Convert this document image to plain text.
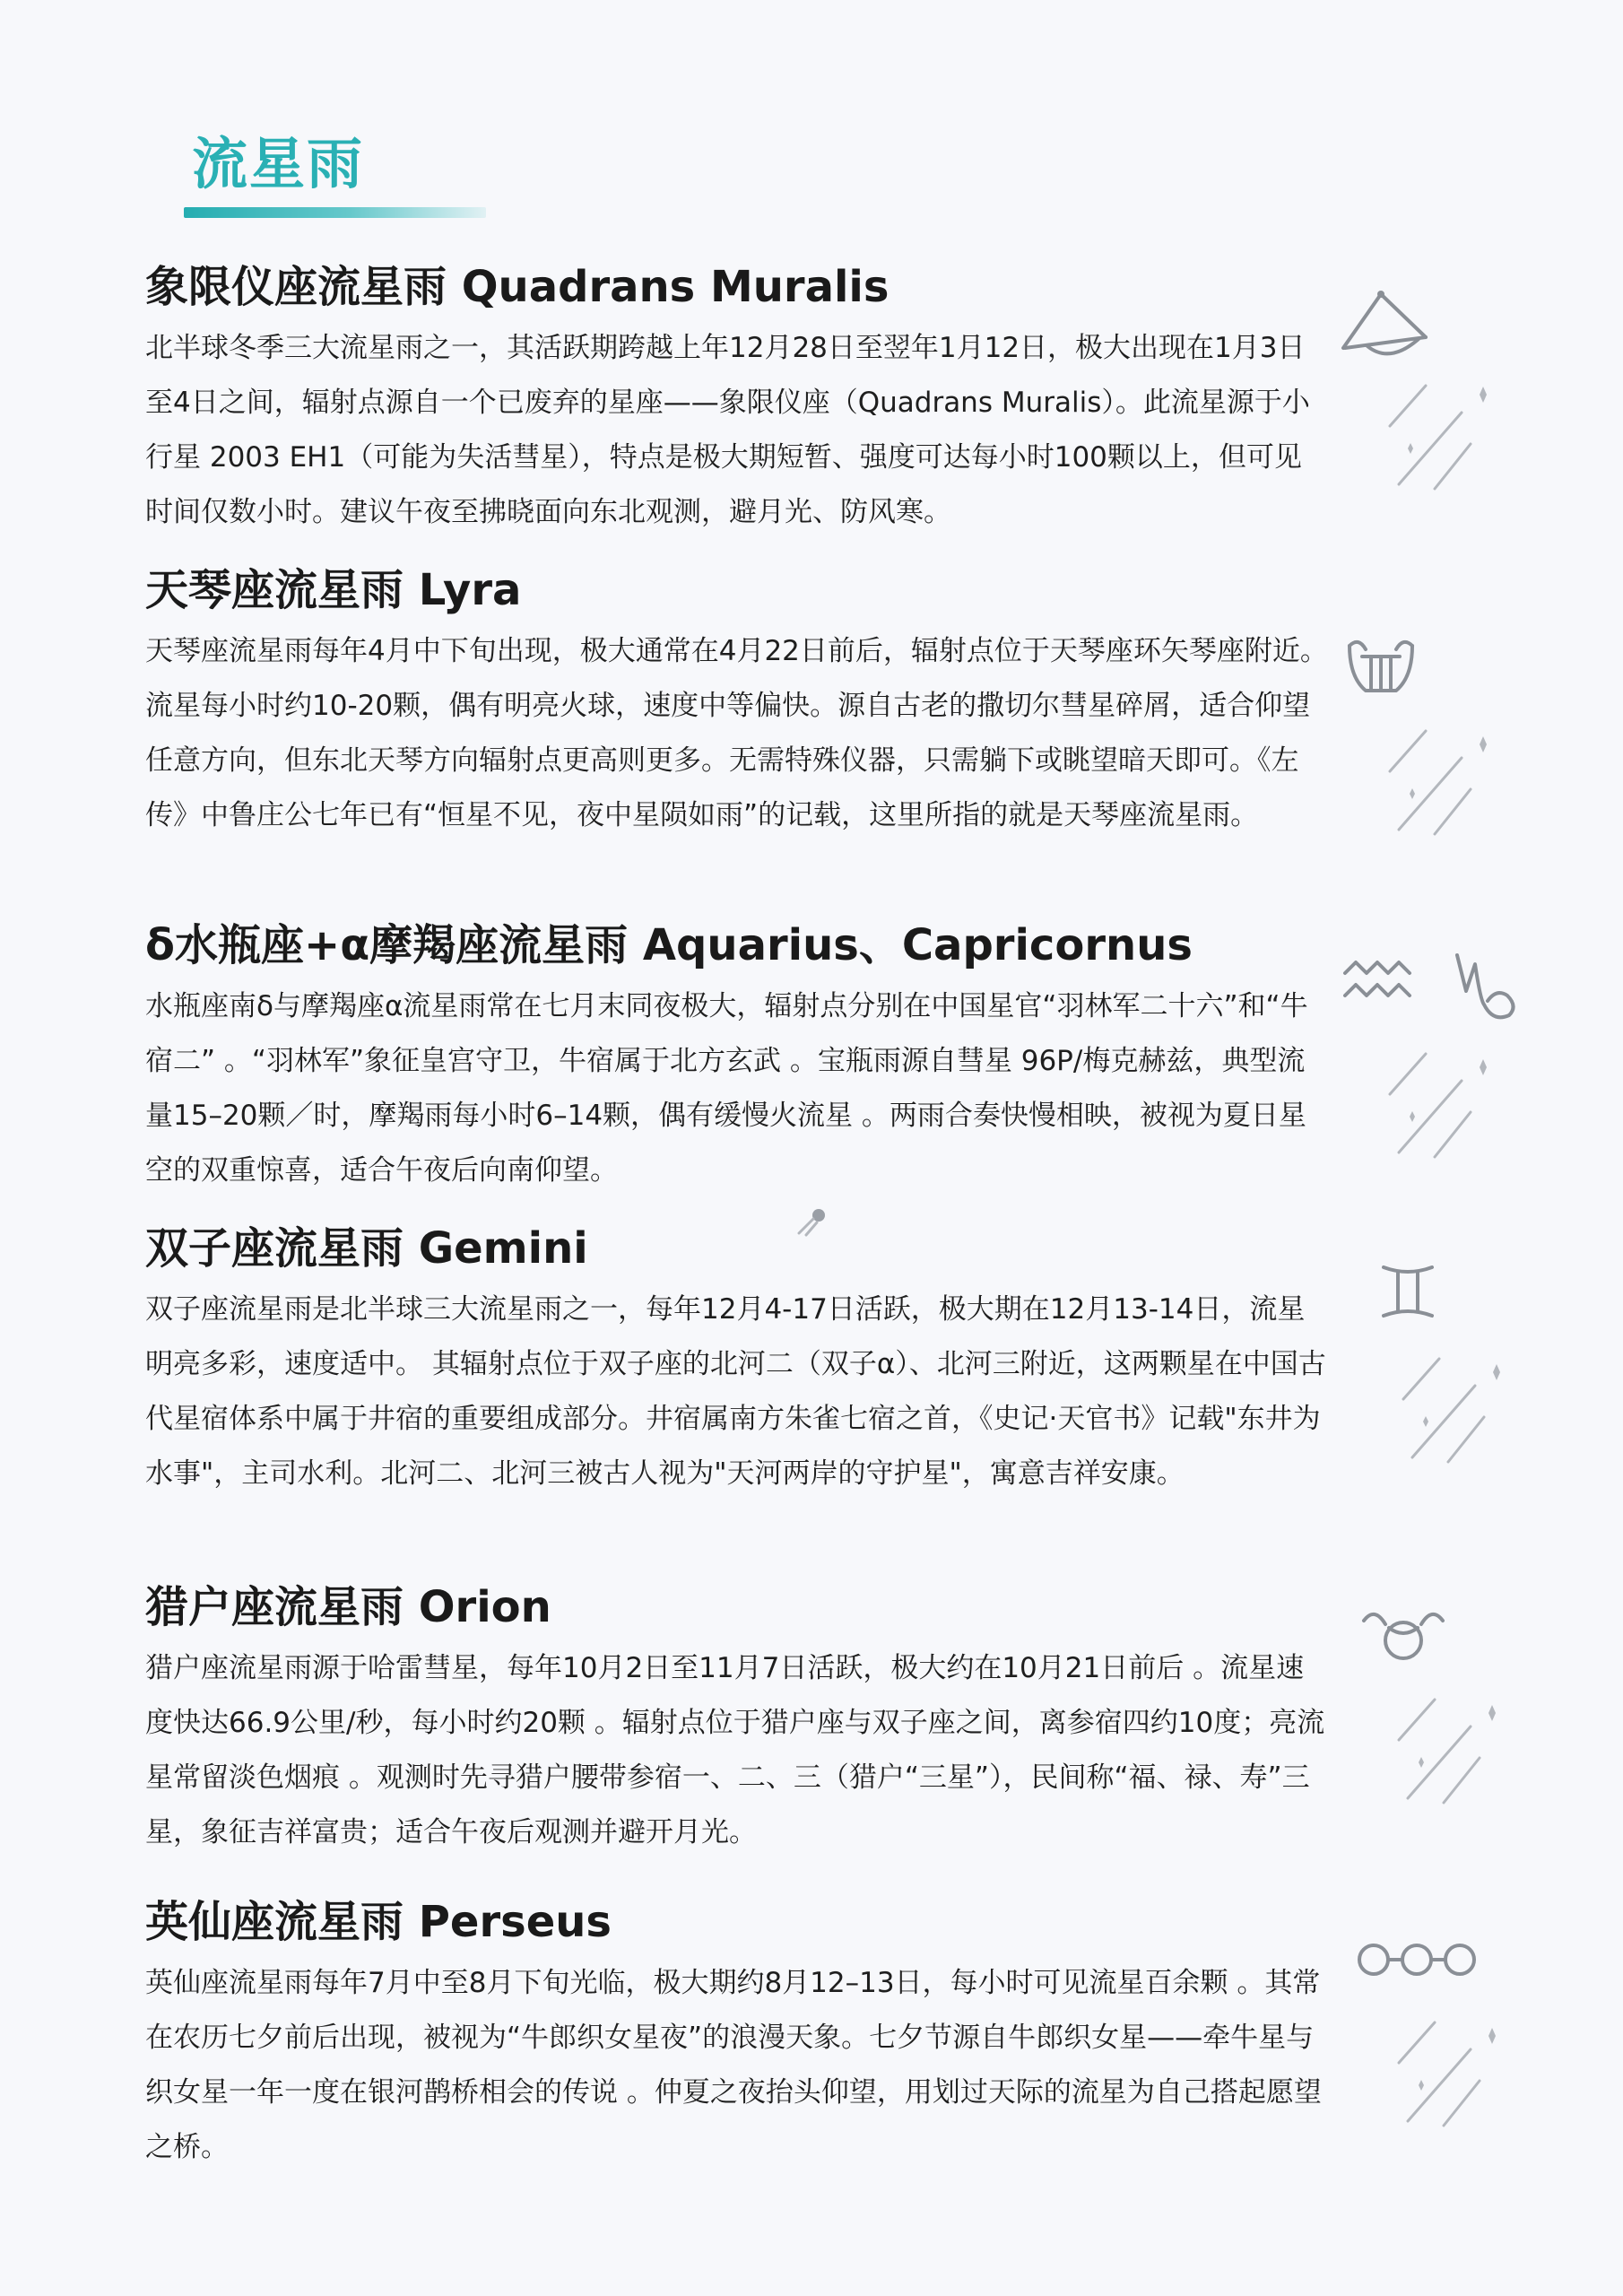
流星雨
象限仪座流星雨 Quadrans Muralis

北半球冬季三大流星雨之一，其活跃期跨越上年12月28日至翌年1月12日，极大出现在1月3日至4日之间，辐射点源自一个已废弃的星座——象限仪座（Quadrans Muralis）。此流星源于小行星 2003 EH1（可能为失活彗星），特点是极大期短暂、强度可达每小时100颗以上，但可见时间仅数小时。建议午夜至拂晓面向东北观测，避月光、防风寒。

天琴座流星雨 Lyra

天琴座流星雨每年4月中下旬出现，极大通常在4月22日前后，辐射点位于天琴座环矢琴座附近。流星每小时约10-20颗，偶有明亮火球，速度中等偏快。源自古老的撒切尔彗星碎屑，适合仰望任意方向，但东北天琴方向辐射点更高则更多。无需特殊仪器，只需躺下或眺望暗天即可。《左传》中鲁庄公七年已有“恒星不见，夜中星陨如雨”的记载，这里所指的就是天琴座流星雨。

δ水瓶座+α摩羯座流星雨 Aquarius、Capricornus

水瓶座南δ与摩羯座α流星雨常在七月末同夜极大，辐射点分别在中国星官“羽林军二十六”和“牛宿二” 。“羽林军”象征皇宫守卫，牛宿属于北方玄武 。宝瓶雨源自彗星 96P/梅克赫兹，典型流量15–20颗／时，摩羯雨每小时6–14颗，偶有缓慢火流星 。两雨合奏快慢相映，被视为夏日星空的双重惊喜，适合午夜后向南仰望。

双子座流星雨 Gemini

双子座流星雨是北半球三大流星雨之一，每年12月4-17日活跃，极大期在12月13-14日，流星明亮多彩，速度适中。 其辐射点位于双子座的北河二（双子α）、北河三附近，这两颗星在中国古代星宿体系中属于井宿的重要组成部分。井宿属南方朱雀七宿之首，《史记·天官书》记载"东井为水事"，主司水利。北河二、北河三被古人视为"天河两岸的守护星"，寓意吉祥安康。

猎户座流星雨 Orion

猎户座流星雨源于哈雷彗星，每年10月2日至11月7日活跃，极大约在10月21日前后 。流星速度快达66.9公里/秒，每小时约20颗 。辐射点位于猎户座与双子座之间，离参宿四约10度；亮流星常留淡色烟痕 。观测时先寻猎户腰带参宿一、二、三（猎户“三星”），民间称“福、禄、寿”三星，象征吉祥富贵；适合午夜后观测并避开月光。

英仙座流星雨 Perseus

英仙座流星雨每年7月中至8月下旬光临，极大期约8月12–13日，每小时可见流星百余颗 。其常在农历七夕前后出现，被视为“牛郎织女星夜”的浪漫天象。七夕节源自牛郎织女星——牵牛星与织女星一年一度在银河鹊桥相会的传说 。仲夏之夜抬头仰望，用划过天际的流星为自己搭起愿望之桥。
